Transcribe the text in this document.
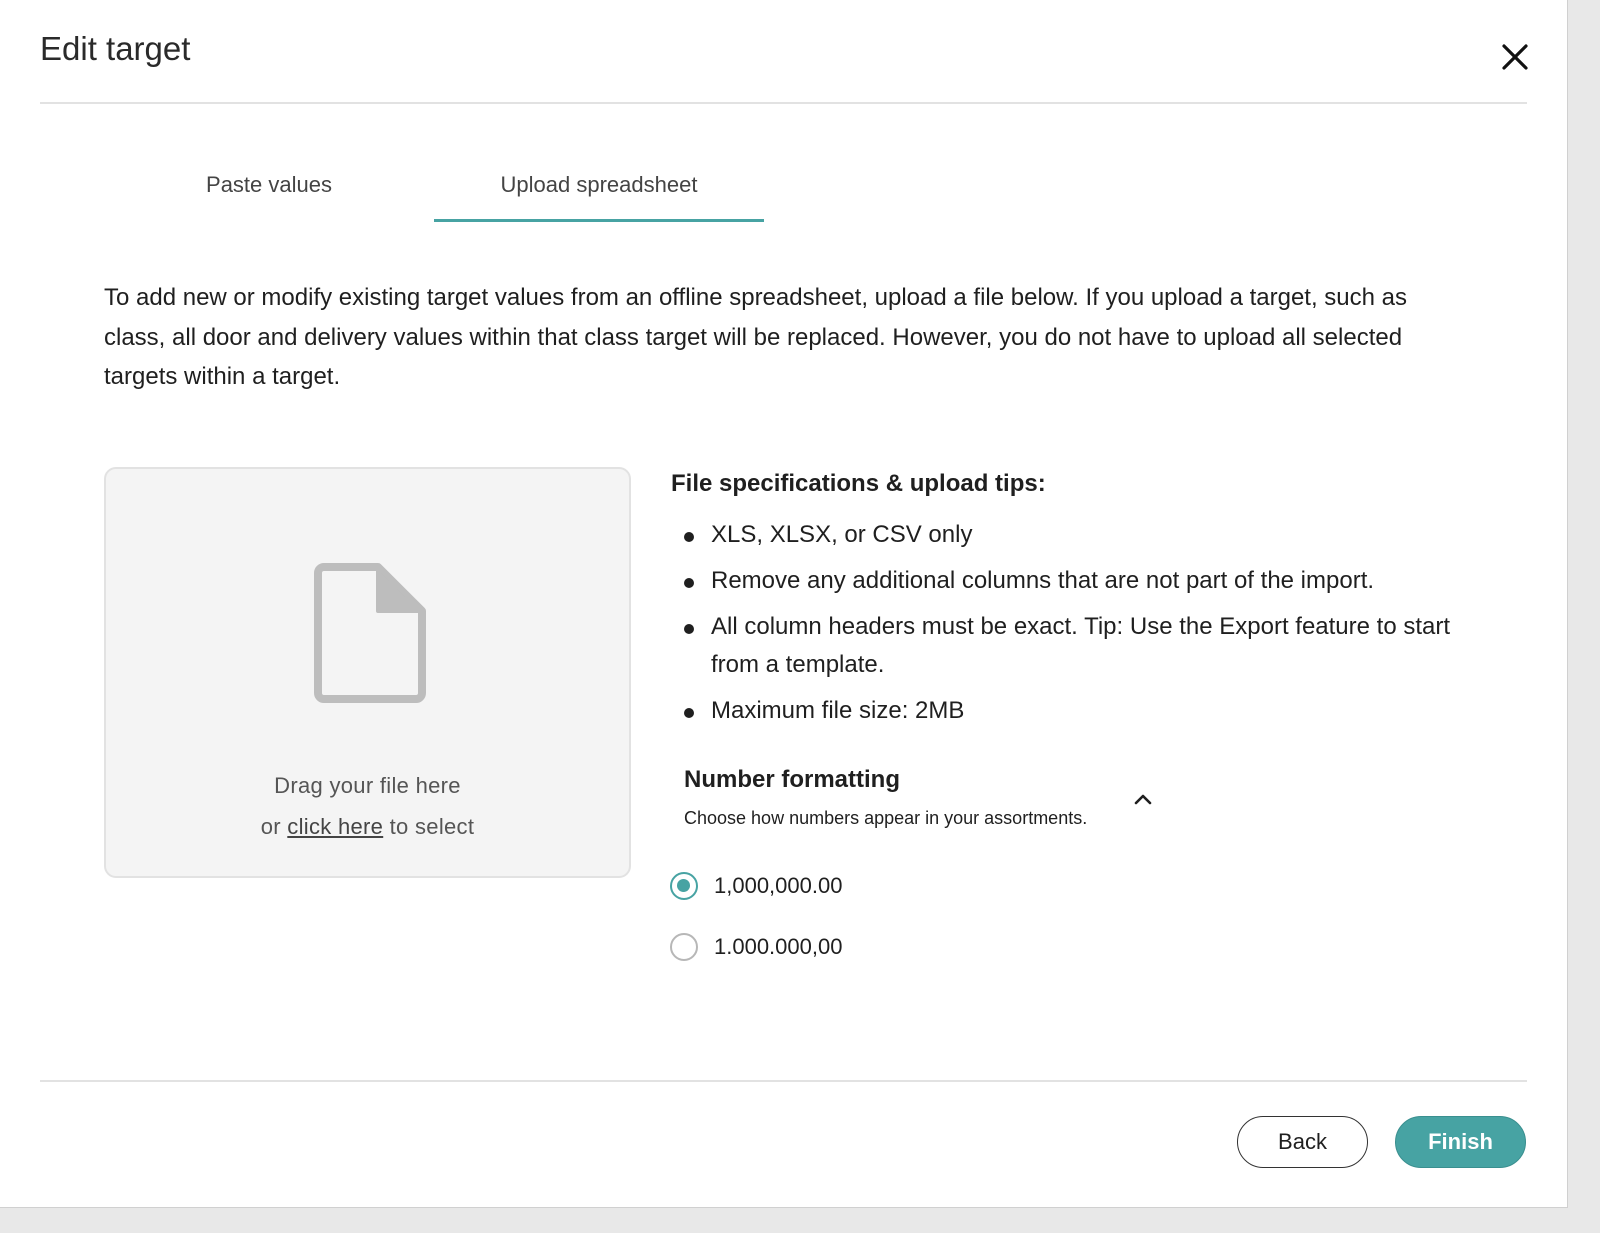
Edit target
Paste values	Upload spreadsheet

To add new or modify existing target values from an offline spreadsheet, upload a file below. If you upload a target, such as class, all door and delivery values within that class target will be replaced. However, you do not have to upload all selected targets within a target.

Drag your file here
or click here to select
File specifications & upload tips:
XLS, XLSX, or CSV only
Remove any additional columns that are not part of the import.
All column headers must be exact. Tip: Use the Export feature to start from a template.
Maximum file size: 2MB
Number formatting
Choose how numbers appear in your assortments.
1,000,000.00
1.000.000,00
Back	Finish
